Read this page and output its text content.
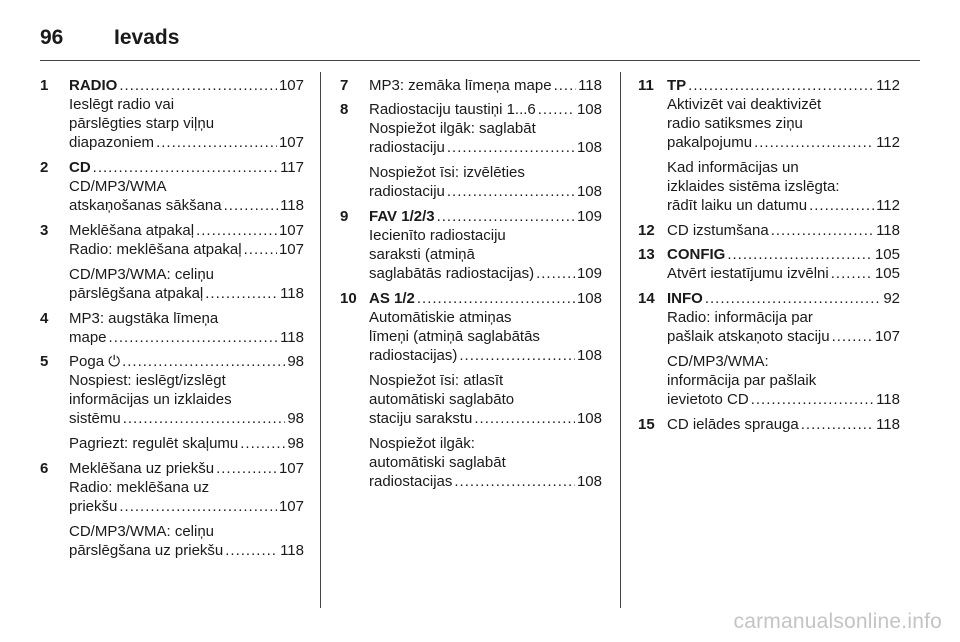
96	Ievads
1	RADIO .....	107
Ieslēgt radio vai
pārslēgties starp viļņu
diapazoniem .....	107
2	CD .....	117
CD/MP3/WMA
atskaņošanas sākšana .....	118
3	Meklēšana atpakaļ .....	107
Radio: meklēšana atpakaļ ..... 107
CD/MP3/WMA: celiņu
pārslēgšana atpakaļ .....	118
4	MP3: augstāka līmeņa
mape .....	118
5	Poga ⏻ .....	98
Nospiest: ieslēgt/izslēgt
informācijas un izklaides
sistēmu .....	98
Pagriezt: regulēt skaļumu .....	98
6	Meklēšana uz priekšu .....	107
Radio: meklēšana uz
priekšu .....	107
CD/MP3/WMA: celiņu
pārslēgšana uz priekšu .....	118
7	MP3: zemāka līmeņa mape ..... 118
8	Radiostaciju taustiņi 1...6 .....	108
Nospiežot ilgāk: saglabāt
radiostaciju .....	108
Nospiežot īsi: izvēlēties
radiostaciju .....	108
9	FAV 1/2/3 .....	109
Iecienīto radiostaciju
saraksti (atmiņā
saglabātās radiostacijas) .....	109
10 AS 1/2 .....	108
Automātiskie atmiņas
līmeņi (atmiņā saglabātās
radiostacijas) .....	108
Nospiežot īsi: atlasīt
automātiski saglabāto
staciju sarakstu .....	108
Nospiežot ilgāk:
automātiski saglabāt
radiostacijas .....	108
11 TP .....	112
Aktivizēt vai deaktivizēt
radio satiksmes ziņu
pakalpojumu .....	112
Kad informācijas un
izklaides sistēma izslēgta:
rādīt laiku un datumu .....	112
12 CD izstumšana .....	118
13 CONFIG .....	105
Atvērt iestatījumu izvēlni .....	105
14 INFO .....	92
Radio: informācija par
pašlaik atskaņoto staciju .....	107
CD/MP3/WMA:
informācija par pašlaik
ievietoto CD .....	118
15 CD ielādes sprauga .....	118
carmanualsonline.info
